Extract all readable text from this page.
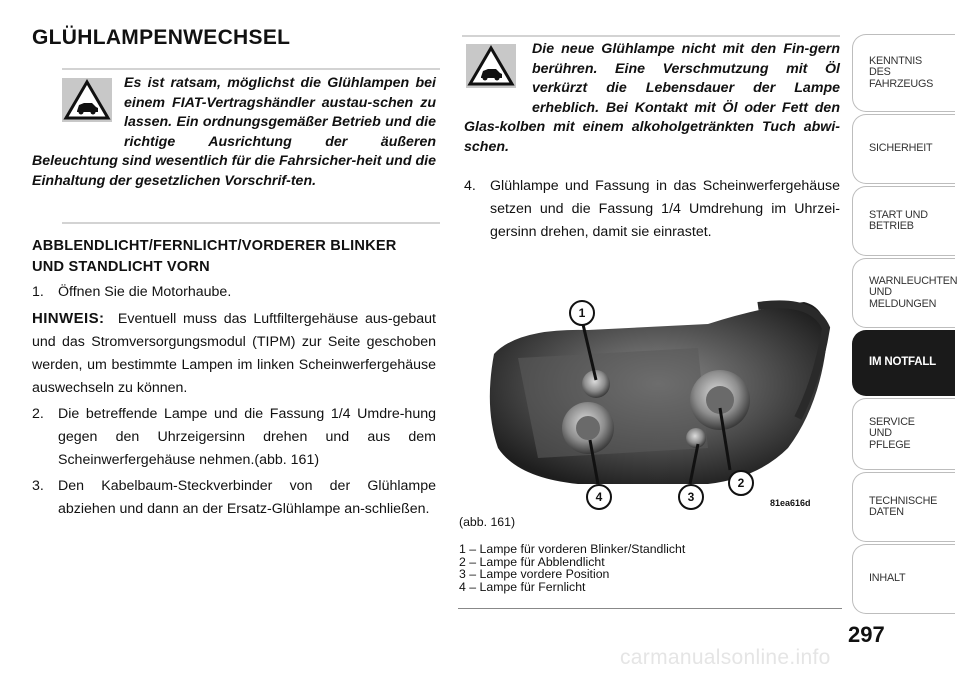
GLÜHLAMPENWECHSEL

Es ist ratsam, möglichst die Glühlampen bei einem FIAT-Vertragshändler austau-schen zu lassen. Ein ordnungsgemäßer Betrieb und die richtige Ausrichtung der äußeren Beleuchtung sind wesentlich für die Fahrsicher-heit und die Einhaltung der gesetzlichen Vorschrif-ten.

ABBLENDLICHT/FERNLICHT/VORDERER BLINKER UND STANDLICHT VORN
1. Öffnen Sie die Motorhaube.

HINWEIS: Eventuell muss das Luftfiltergehäuse aus-gebaut und das Stromversorgungsmodul (TIPM) zur Seite geschoben werden, um bestimmte Lampen im linken Scheinwerfergehäuse auswechseln zu können.

2. Die betreffende Lampe und die Fassung 1/4 Umdre-hung gegen den Uhrzeigersinn drehen und aus dem Scheinwerfergehäuse nehmen.(abb. 161)
3. Den Kabelbaum-Steckverbinder von der Glühlampe abziehen und dann an der Ersatz-Glühlampe an-schließen.

Die neue Glühlampe nicht mit den Fin-gern berühren. Eine Verschmutzung mit Öl verkürzt die Lebensdauer der Lampe erheblich. Bei Kontakt mit Öl oder Fett den Glas-kolben mit einem alkoholgetränkten Tuch abwi-schen.

4. Glühlampe und Fassung in das Scheinwerfergehäuse setzen und die Fassung 1/4 Umdrehung im Uhrzei-gersinn drehen, damit sie einrastet.
1
2
3
4	81ea616d
(abb. 161)
1 – Lampe für vorderen Blinker/Standlicht
2 – Lampe für Abblendlicht
3 – Lampe vordere Position
4 – Lampe für Fernlicht
KENNTNIS
DES
FAHRZEUGS
SICHERHEIT
START UND
BETRIEB
WARNLEUCHTEN
UND
MELDUNGEN
IM NOTFALL
SERVICE
UND
PFLEGE
TECHNISCHE
DATEN
INHALT
297
carmanualsonline.info
